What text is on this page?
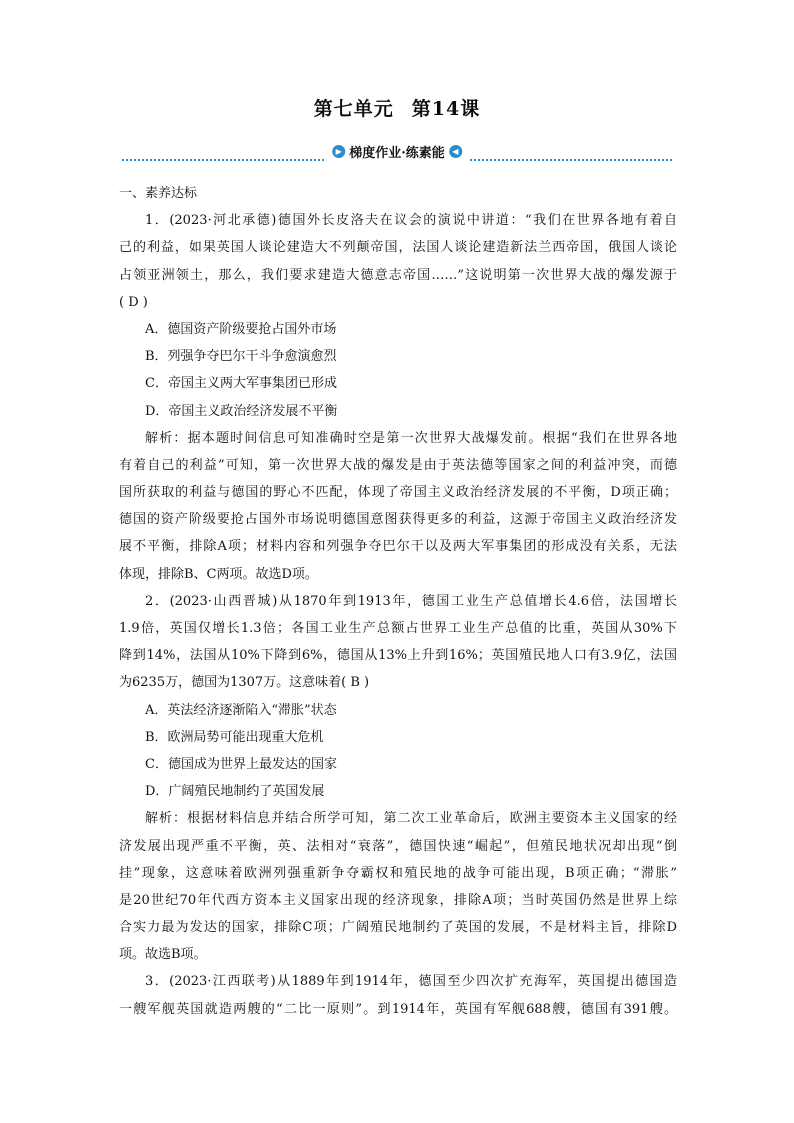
第七单元 第14课
▶ 梯度作业·练素能 ◀
一、素养达标
1．(2023·河北承德)德国外长皮洛夫在议会的演说中讲道：“我们在世界各地有着自
己的利益，如果英国人谈论建造大不列颠帝国，法国人谈论建造新法兰西帝国，俄国人谈论
占领亚洲领土，那么，我们要求建造大德意志帝国……”这说明第一次世界大战的爆发源于
( D )
A．德国资产阶级要抢占国外市场
B．列强争夺巴尔干斗争愈演愈烈
C．帝国主义两大军事集团已形成
D．帝国主义政治经济发展不平衡
解析：据本题时间信息可知准确时空是第一次世界大战爆发前。根据“我们在世界各地
有着自己的利益”可知，第一次世界大战的爆发是由于英法德等国家之间的利益冲突，而德
国所获取的利益与德国的野心不匹配，体现了帝国主义政治经济发展的不平衡，D项正确；
德国的资产阶级要抢占国外市场说明德国意图获得更多的利益，这源于帝国主义政治经济发
展不平衡，排除A项；材料内容和列强争夺巴尔干以及两大军事集团的形成没有关系，无法
体现，排除B、C两项。故选D项。
2．(2023·山西晋城)从1870年到1913年，德国工业生产总值增长4.6倍，法国增长
1.9倍，英国仅增长1.3倍；各国工业生产总额占世界工业生产总值的比重，英国从30%下
降到14%，法国从10%下降到6%，德国从13%上升到16%；英国殖民地人口有3.9亿，法国
为6235万，德国为1307万。这意味着( B )
A．英法经济逐渐陷入“滞胀”状态
B．欧洲局势可能出现重大危机
C．德国成为世界上最发达的国家
D．广阔殖民地制约了英国发展
解析：根据材料信息并结合所学可知，第二次工业革命后，欧洲主要资本主义国家的经
济发展出现严重不平衡，英、法相对“衰落”，德国快速“崛起”，但殖民地状况却出现“倒
挂”现象，这意味着欧洲列强重新争夺霸权和殖民地的战争可能出现，B项正确；“滞胀”
是20世纪70年代西方资本主义国家出现的经济现象，排除A项；当时英国仍然是世界上综
合实力最为发达的国家，排除C项；广阔殖民地制约了英国的发展，不是材料主旨，排除D
项。故选B项。
3．(2023·江西联考)从1889年到1914年，德国至少四次扩充海军，英国提出德国造
一艘军舰英国就造两艘的“二比一原则”。到1914年，英国有军舰688艘，德国有391艘。
